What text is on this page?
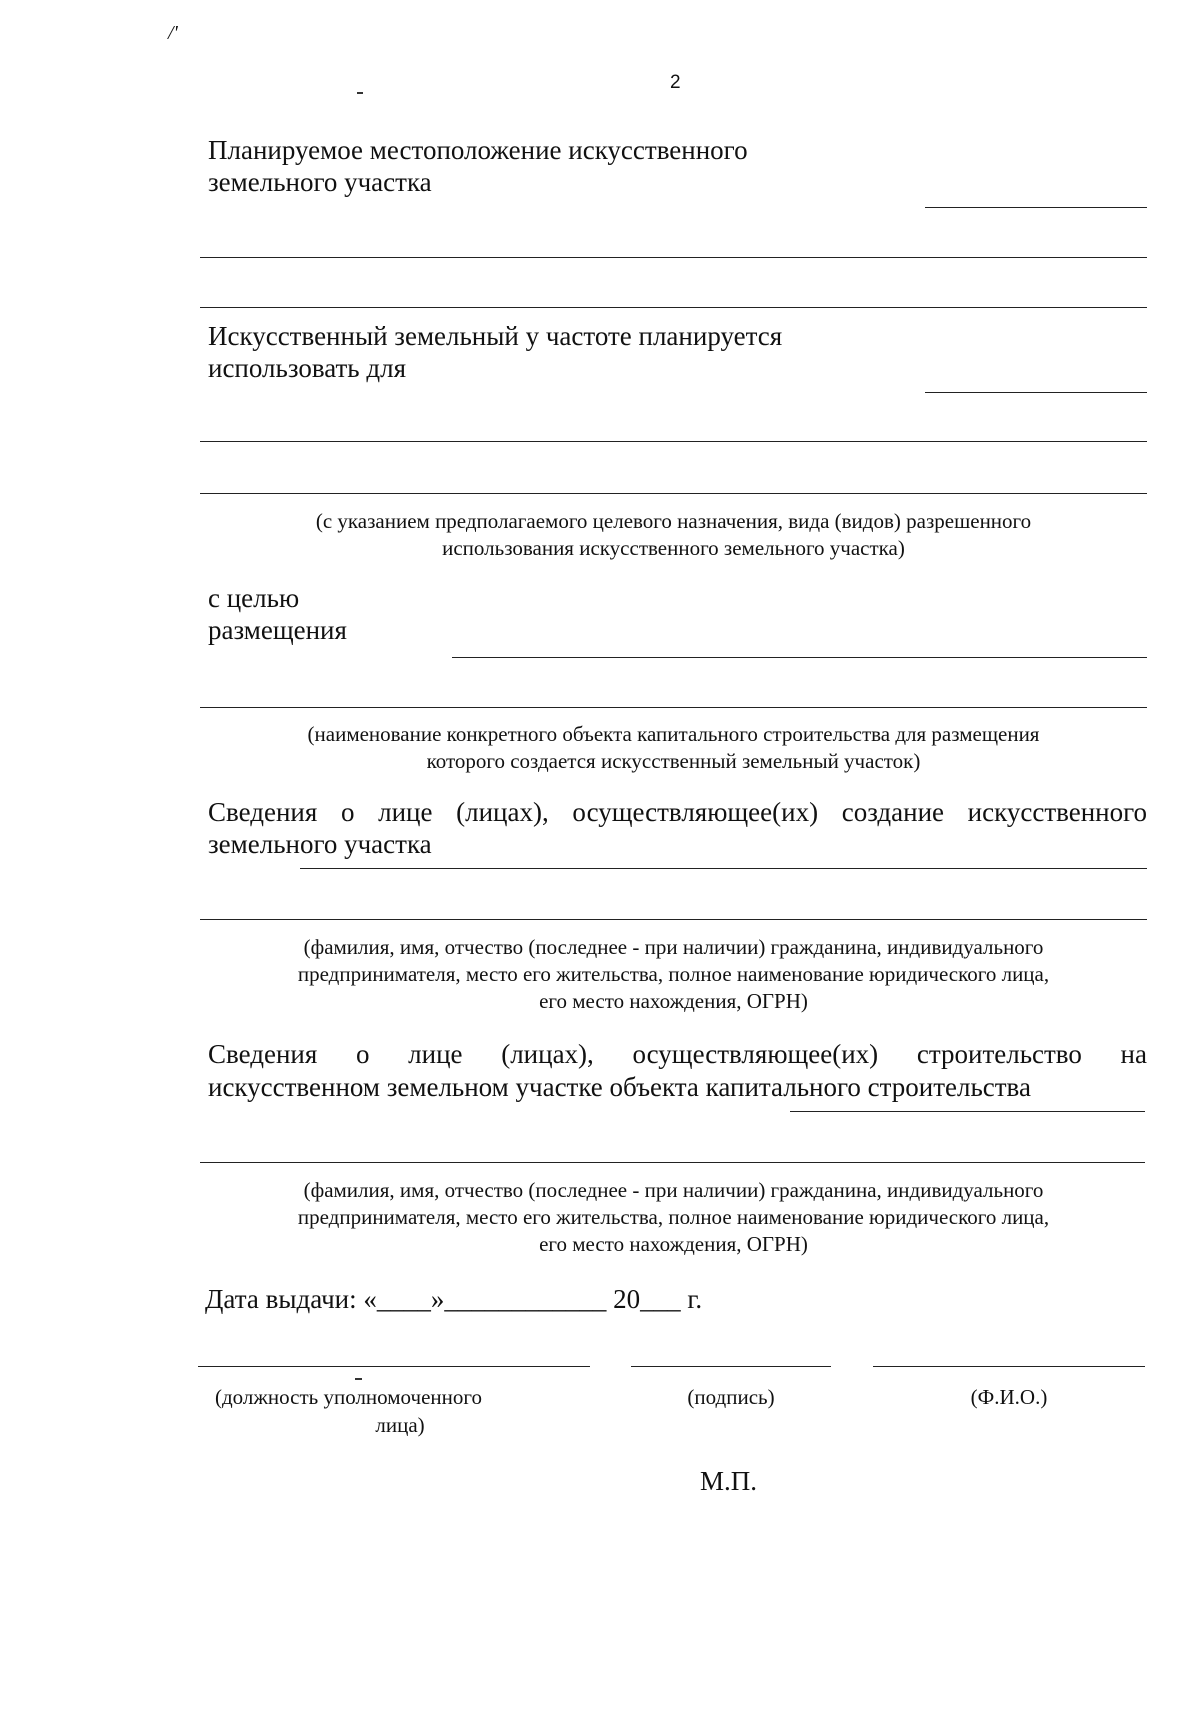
/'
2
Планируемое местоположение искусственного
земельного участка
Искусственный земельный у частоте планируется
использовать для
(с указанием предполагаемого целевого назначения, вида (видов) разрешенного
использования искусственного земельного участка)
с целью
размещения
(наименование конкретного объекта капитального строительства для размещения
которого создается искусственный земельный участок)
Сведения о лице (лицах), осуществляющее(их) создание искусственного
земельного участка
(фамилия, имя, отчество (последнее - при наличии) гражданина, индивидуального
предпринимателя, место его жительства, полное наименование юридического лица,
его место нахождения, ОГРН)
Сведения о лице (лицах), осуществляющее(их) строительство на
искусственном земельном участке объекта капитального строительства
(фамилия, имя, отчество (последнее - при наличии) гражданина, индивидуального
предпринимателя, место его жительства, полное наименование юридического лица,
его место нахождения, ОГРН)
Дата выдачи: «____»____________ 20___ г.
(должность уполномоченного
лица)
(подпись)	(Ф.И.О.)
М.П.
